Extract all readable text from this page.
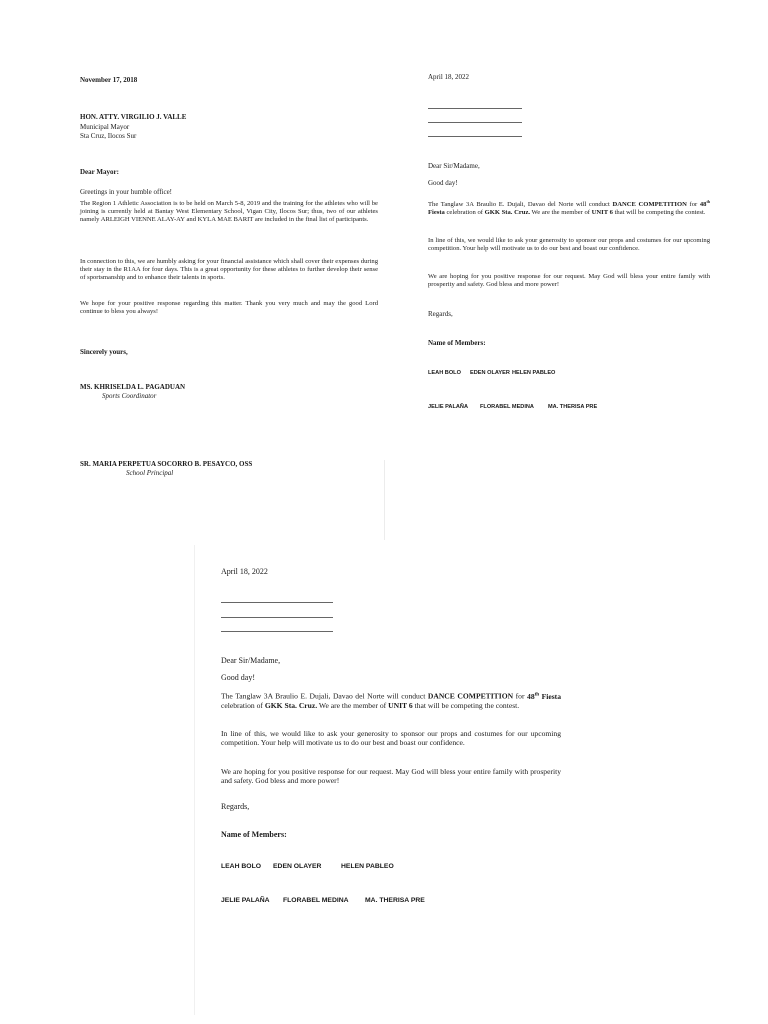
November 17, 2018

HON. ATTY. VIRGILIO J. VALLE

Municipal Mayor

Sta Cruz, Ilocos Sur

Dear Mayor:

Greetings in your humble office!

The Region 1 Athletic Association is to be held on March 5-8, 2019 and the training for the athletes who will be joining is currently held at Bantay West Elementary School, Vigan City, Ilocos Sur; thus, two of our athletes namely ARLEIGH VIENNE ALAY-AY and KYLA MAE BARIT are included in the final list of participants.

In connection to this, we are humbly asking for your financial assistance which shall cover their expenses during their stay in the R1AA for four days. This is a great opportunity for these athletes to further develop their sense of sportsmanship and to enhance their talents in sports.

We hope for your positive response regarding this matter. Thank you very much and may the good Lord continue to bless you always!

Sincerely yours,

MS. KHRISELDA L. PAGADUAN

Sports Coordinator

SR. MARIA PERPETUA SOCORRO B. PESAYCO, OSS

School Principal

April 18, 2022

Dear Sir/Madame,

Good day!

The Tanglaw 3A Braulio E. Dujali, Davao del Norte will conduct DANCE COMPETITION for 48th Fiesta celebration of GKK Sta. Cruz. We are the member of UNIT 6 that will be competing the contest.

In line of this, we would like to ask your generosity to sponsor our props and costumes for our upcoming competition. Your help will motivate us to do our best and boast our confidence.

We are hoping for you positive response for our request. May God will bless your entire family with prosperity and safety. God bless and more power!

Regards,

Name of Members:

LEAH BOLO EDEN OLAYER HELEN PABLEO

JELIE PALAÑA FLORABEL MEDINA	MA. THERISA PRE

April 18, 2022

Dear Sir/Madame,

Good day!

The Tanglaw 3A Braulio E. Dujali, Davao del Norte will conduct DANCE COMPETITION for 48th Fiesta celebration of GKK Sta. Cruz. We are the member of UNIT 6 that will be competing the contest.

In line of this, we would like to ask your generosity to sponsor our props and costumes for our upcoming competition. Your help will motivate us to do our best and boast our confidence.

We are hoping for you positive response for our request. May God will bless your entire family with prosperity and safety. God bless and more power!

Regards,

Name of Members:

LEAH BOLO EDEN OLAYER	HELEN PABLEO

JELIE PALAÑA FLORABEL MEDINA MA. THERISA PRE
